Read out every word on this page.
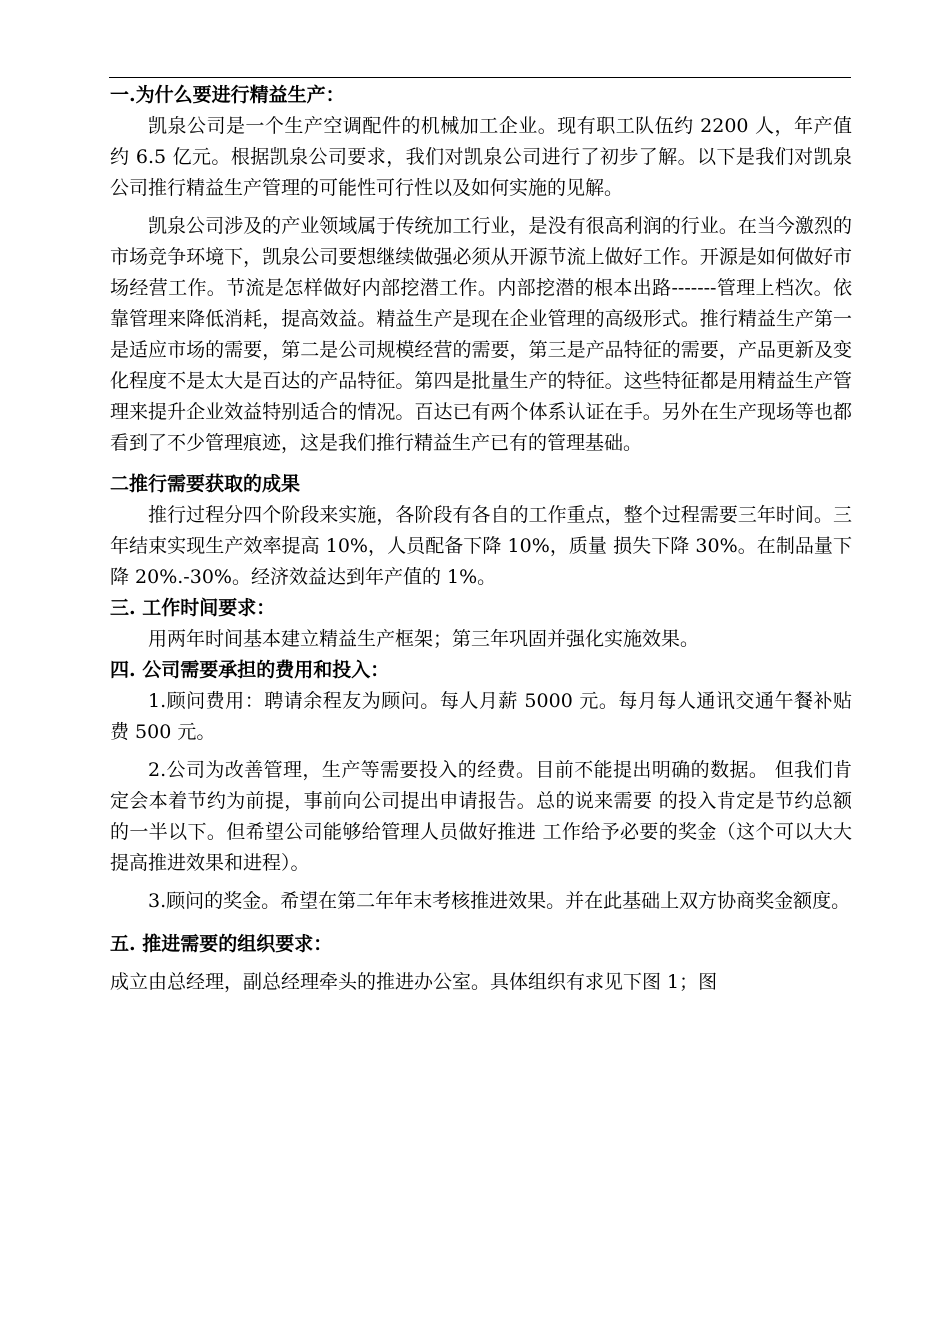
一.为什么要进行精益生产：
凯泉公司是一个生产空调配件的机械加工企业。现有职工队伍约 2200 人，年产值约 6.5 亿元。根据凯泉公司要求，我们对凯泉公司进行了初步了解。以下是我们对凯泉公司推行精益生产管理的可能性可行性以及如何实施的见解。
凯泉公司涉及的产业领域属于传统加工行业，是没有很高利润的行业。在当今激烈的市场竞争环境下，凯泉公司要想继续做强必须从开源节流上做好工作。开源是如何做好市场经营工作。节流是怎样做好内部挖潜工作。内部挖潜的根本出路-------管理上档次。依靠管理来降低消耗，提高效益。精益生产是现在企业管理的高级形式。推行精益生产第一是适应市场的需要，第二是公司规模经营的需要，第三是产品特征的需要，产品更新及变化程度不是太大是百达的产品特征。第四是批量生产的特征。这些特征都是用精益生产管理来提升企业效益特别适合的情况。百达已有两个体系认证在手。另外在生产现场等也都看到了不少管理痕迹，这是我们推行精益生产已有的管理基础。
二推行需要获取的成果
推行过程分四个阶段来实施，各阶段有各自的工作重点，整个过程需要三年时间。三年结束实现生产效率提高 10%，人员配备下降 10%，质量 损失下降 30%。在制品量下降 20%.-30%。经济效益达到年产值的 1%。
三. 工作时间要求：
用两年时间基本建立精益生产框架；第三年巩固并强化实施效果。
四. 公司需要承担的费用和投入：
1.顾问费用：聘请余程友为顾问。每人月薪 5000 元。每月每人通讯交通午餐补贴费 500 元。
2.公司为改善管理，生产等需要投入的经费。目前不能提出明确的数据。 但我们肯定会本着节约为前提，事前向公司提出申请报告。总的说来需要 的投入肯定是节约总额的一半以下。但希望公司能够给管理人员做好推进 工作给予必要的奖金（这个可以大大提高推进效果和进程）。
3.顾问的奖金。希望在第二年年末考核推进效果。并在此基础上双方协商奖金额度。
五. 推进需要的组织要求：
成立由总经理，副总经理牵头的推进办公室。具体组织有求见下图 1；图
